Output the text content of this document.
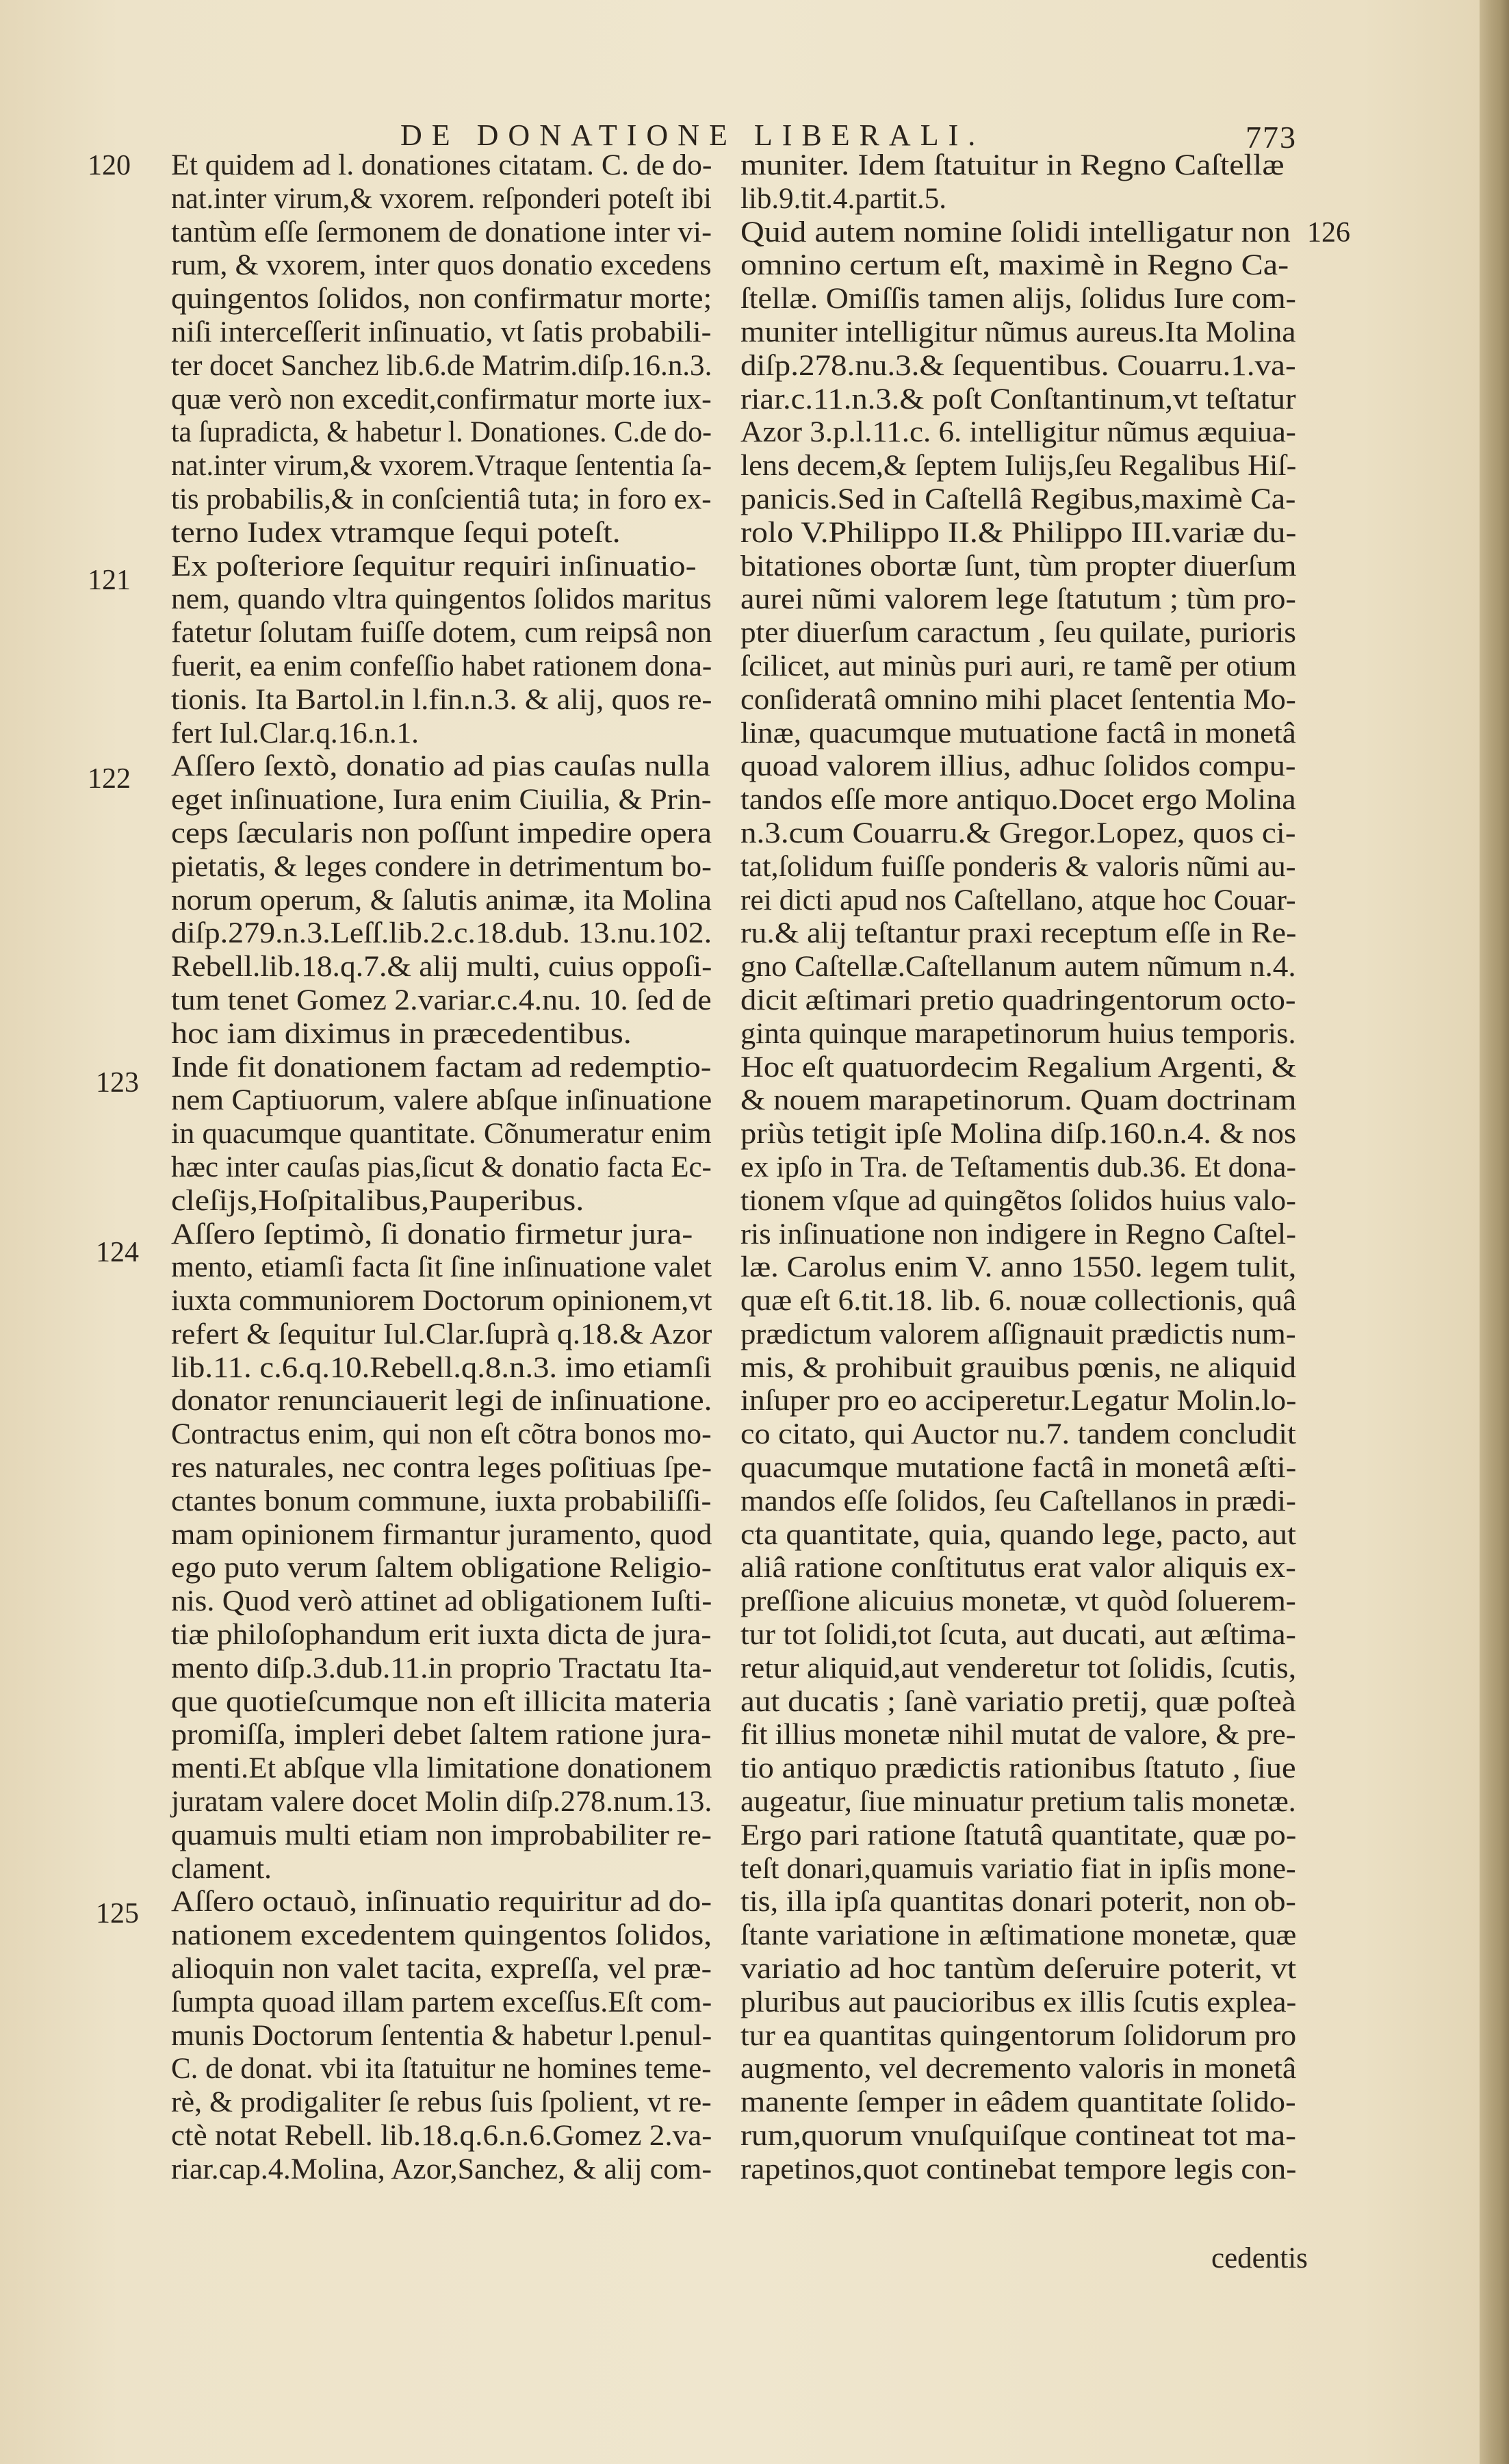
DE DONATIONE LIBERALI.	773
120
121
122
123
124
125
126

Et quidem ad l. donationes citatam. C. de do-

nat.inter virum,& vxorem. reſponderi poteſt ibi

tantùm eſſe ſermonem de donatione inter vi-

rum, & vxorem, inter quos donatio excedens

quingentos ſolidos, non confirmatur morte;

niſi interceſſerit inſinuatio, vt ſatis probabili-

ter docet Sanchez lib.6.de Matrim.diſp.16.n.3.

quæ verò non excedit,confirmatur morte iux-

ta ſupradicta, & habetur l. Donationes. C.de do-

nat.inter virum,& vxorem.Vtraque ſententia ſa-

tis probabilis,& in conſcientiâ tuta; in foro ex-

terno Iudex vtramque ſequi poteſt.

Ex poſteriore ſequitur requiri inſinuatio-

nem, quando vltra quingentos ſolidos maritus

fatetur ſolutam fuiſſe dotem, cum reipsâ non

fuerit, ea enim confeſſio habet rationem dona-

tionis. Ita Bartol.in l.fin.n.3. & alij, quos re-

fert Iul.Clar.q.16.n.1.

Aſſero ſextò, donatio ad pias cauſas nulla

eget inſinuatione, Iura enim Ciuilia, & Prin-

ceps ſæcularis non poſſunt impedire opera

pietatis, & leges condere in detrimentum bo-

norum operum, & ſalutis animæ, ita Molina

diſp.279.n.3.Leſſ.lib.2.c.18.dub. 13.nu.102.

Rebell.lib.18.q.7.& alij multi, cuius oppoſi-

tum tenet Gomez 2.variar.c.4.nu. 10. ſed de

hoc iam diximus in præcedentibus.

Inde fit donationem factam ad redemptio-

nem Captiuorum, valere abſque inſinuatione

in quacumque quantitate. Cõnumeratur enim

hæc inter cauſas pias,ſicut & donatio facta Ec-

cleſijs,Hoſpitalibus,Pauperibus.

Aſſero ſeptimò, ſi donatio firmetur jura-

mento, etiamſi facta ſit ſine inſinuatione valet

iuxta communiorem Doctorum opinionem,vt

refert & ſequitur Iul.Clar.ſuprà q.18.& Azor

lib.11. c.6.q.10.Rebell.q.8.n.3. imo etiamſi

donator renunciauerit legi de inſinuatione.

Contractus enim, qui non eſt cõtra bonos mo-

res naturales, nec contra leges poſitiuas ſpe-

ctantes bonum commune, iuxta probabiliſſi-

mam opinionem firmantur juramento, quod

ego puto verum ſaltem obligatione Religio-

nis. Quod verò attinet ad obligationem Iuſti-

tiæ philoſophandum erit iuxta dicta de jura-

mento diſp.3.dub.11.in proprio Tractatu Ita-

que quotieſcumque non eſt illicita materia

promiſſa, impleri debet ſaltem ratione jura-

menti.Et abſque vlla limitatione donationem

juratam valere docet Molin diſp.278.num.13.

quamuis multi etiam non improbabiliter re-

clament.

Aſſero octauò, inſinuatio requiritur ad do-

nationem excedentem quingentos ſolidos,

alioquin non valet tacita, expreſſa, vel præ-

ſumpta quoad illam partem exceſſus.Eſt com-

munis Doctorum ſententia & habetur l.penul-

C. de donat. vbi ita ſtatuitur ne homines teme-

rè, & prodigaliter ſe rebus ſuis ſpolient, vt re-

ctè notat Rebell. lib.18.q.6.n.6.Gomez 2.va-

riar.cap.4.Molina, Azor,Sanchez, & alij com-

muniter. Idem ſtatuitur in Regno Caſtellæ

lib.9.tit.4.partit.5.

Quid autem nomine ſolidi intelligatur non

omnino certum eſt, maximè in Regno Ca-

ſtellæ. Omiſſis tamen alijs, ſolidus Iure com-

muniter intelligitur nũmus aureus.Ita Molina

diſp.278.nu.3.& ſequentibus. Couarru.1.va-

riar.c.11.n.3.& poſt Conſtantinum,vt teſtatur

Azor 3.p.l.11.c. 6. intelligitur nũmus æquiua-

lens decem,& ſeptem Iulijs,ſeu Regalibus Hiſ-

panicis.Sed in Caſtellâ Regibus,maximè Ca-

rolo V.Philippo II.& Philippo III.variæ du-

bitationes obortæ ſunt, tùm propter diuerſum

aurei nũmi valorem lege ſtatutum ; tùm pro-

pter diuerſum caractum , ſeu quilate, purioris

ſcilicet, aut minùs puri auri, re tamẽ per otium

conſideratâ omnino mihi placet ſententia Mo-

linæ, quacumque mutuatione factâ in monetâ

quoad valorem illius, adhuc ſolidos compu-

tandos eſſe more antiquo.Docet ergo Molina

n.3.cum Couarru.& Gregor.Lopez, quos ci-

tat,ſolidum fuiſſe ponderis & valoris nũmi au-

rei dicti apud nos Caſtellano, atque hoc Couar-

ru.& alij teſtantur praxi receptum eſſe in Re-

gno Caſtellæ.Caſtellanum autem nũmum n.4.

dicit æſtimari pretio quadringentorum octo-

ginta quinque marapetinorum huius temporis.

Hoc eſt quatuordecim Regalium Argenti, &

& nouem marapetinorum. Quam doctrinam

priùs tetigit ipſe Molina diſp.160.n.4. & nos

ex ipſo in Tra. de Teſtamentis dub.36. Et dona-

tionem vſque ad quingẽtos ſolidos huius valo-

ris inſinuatione non indigere in Regno Caſtel-

læ. Carolus enim V. anno 1550. legem tulit,

quæ eſt 6.tit.18. lib. 6. nouæ collectionis, quâ

prædictum valorem aſſignauit prædictis num-

mis, & prohibuit grauibus pœnis, ne aliquid

inſuper pro eo acciperetur.Legatur Molin.lo-

co citato, qui Auctor nu.7. tandem concludit

quacumque mutatione factâ in monetâ æſti-

mandos eſſe ſolidos, ſeu Caſtellanos in prædi-

cta quantitate, quia, quando lege, pacto, aut

aliâ ratione conſtitutus erat valor aliquis ex-

preſſione alicuius monetæ, vt quòd ſoluerem-

tur tot ſolidi,tot ſcuta, aut ducati, aut æſtima-

retur aliquid,aut venderetur tot ſolidis, ſcutis,

aut ducatis ; ſanè variatio pretij, quæ poſteà

fit illius monetæ nihil mutat de valore, & pre-

tio antiquo prædictis rationibus ſtatuto , ſiue

augeatur, ſiue minuatur pretium talis monetæ.

Ergo pari ratione ſtatutâ quantitate, quæ po-

teſt donari,quamuis variatio fiat in ipſis mone-

tis, illa ipſa quantitas donari poterit, non ob-

ſtante variatione in æſtimatione monetæ, quæ

variatio ad hoc tantùm deſeruire poterit, vt

pluribus aut paucioribus ex illis ſcutis explea-

tur ea quantitas quingentorum ſolidorum pro

augmento, vel decremento valoris in monetâ

manente ſemper in eâdem quantitate ſolido-

rum,quorum vnuſquiſque contineat tot ma-

rapetinos,quot continebat tempore legis con-

cedentis
